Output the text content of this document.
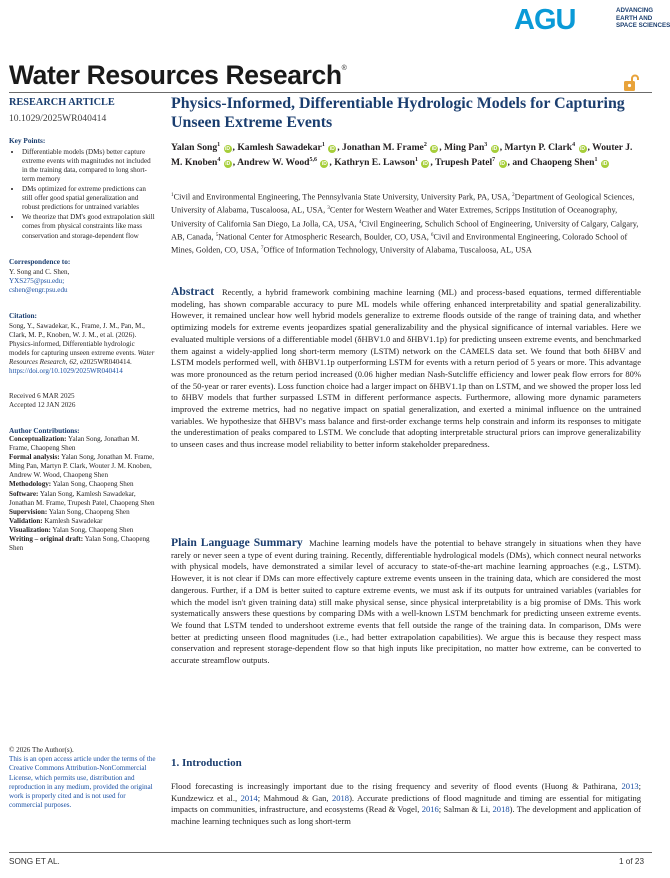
AGU	ADVANCING
EARTH AND
SPACE SCIENCES
Water Resources Research®
RESEARCH ARTICLE
10.1029/2025WR040414
Key Points:
• Differentiable models (DMs) better capture extreme events with magnitudes not included in the training data, compared to long short-term memory
• DMs optimized for extreme predictions can still offer good spatial generalization and robust predictions for untrained variables
• We theorize that DM's good extrapolation skill comes from physical constraints like mass conservation and storage-dependent flow
Correspondence to:
Y. Song and C. Shen,
YXS275@psu.edu;
cshen@engr.psu.edu
Citation:
Song, Y., Sawadekar, K., Frame, J. M., Pan, M., Clark, M. P., Knoben, W. J. M., et al. (2026). Physics-informed, Differentiable hydrologic models for capturing unseen extreme events. Water Resources Research, 62, e2025WR040414. https://doi.org/10.1029/2025WR040414
Received 6 MAR 2025
Accepted 12 JAN 2026
Author Contributions:
Conceptualization: Yalan Song, Jonathan M. Frame, Chaopeng Shen
Formal analysis: Yalan Song, Jonathan M. Frame, Ming Pan, Martyn P. Clark, Wouter J. M. Knoben, Andrew W. Wood, Chaopeng Shen
Methodology: Yalan Song, Chaopeng Shen
Software: Yalan Song, Kamlesh Sawadekar, Jonathan M. Frame, Trupesh Patel, Chaopeng Shen
Supervision: Yalan Song, Chaopeng Shen
Validation: Kamlesh Sawadekar
Visualization: Yalan Song, Chaopeng Shen
Writing – original draft: Yalan Song, Chaopeng Shen
© 2026 The Author(s).
This is an open access article under the terms of the Creative Commons Attribution-NonCommercial License, which permits use, distribution and reproduction in any medium, provided the original work is properly cited and is not used for commercial purposes.
Physics-Informed, Differentiable Hydrologic Models for Capturing Unseen Extreme Events
Yalan Song$^1$ iD , Kamlesh Sawadekar$^1$ iD , Jonathan M. Frame$^2$ iD , Ming Pan$^3$ iD , Martyn P. Clark$^4$ iD , Wouter J. M. Knoben$^4$ iD , Andrew W. Wood$^{5,6}$ iD , Kathryn E. Lawson$^1$ iD , Trupesh Patel$^7$ iD , and Chaopeng Shen$^1$ iD
$^1$Civil and Environmental Engineering, The Pennsylvania State University, University Park, PA, USA, $^2$Department of Geological Sciences, University of Alabama, Tuscaloosa, AL, USA, $^3$Center for Western Weather and Water Extremes, Scripps Institution of Oceanography, University of California San Diego, La Jolla, CA, USA, $^4$Civil Engineering, Schulich School of Engineering, University of Calgary, Calgary, AB, Canada, $^5$National Center for Atmospheric Research, Boulder, CO, USA, $^6$Civil and Environmental Engineering, Colorado School of Mines, Golden, CO, USA, $^7$Office of Information Technology, University of Alabama, Tuscaloosa, AL, USA
Abstract Recently, a hybrid framework combining machine learning (ML) and process-based equations, termed differentiable modeling, has shown comparable accuracy to pure ML models while offering enhanced interpretability and spatial generalizability. However, it remained unclear how well hybrid models generalize to extreme floods outside of the range of training data, and whether optimizing models for extreme events jeopardizes spatial generalizability and the physical significance of internal variables. Here we evaluated multiple versions of a differentiable model (δHBV1.0 and δHBV1.1p) for predicting unseen extreme events, and benchmarked them against a widely-applied long short-term memory (LSTM) network on the CAMELS data set. We found that both δHBV and LSTM models performed well, with δHBV1.1p outperforming LSTM for events with a return period of 5 years or more. This advantage was more pronounced as the return period increased (0.06 higher median Nash-Sutcliffe efficiency and lower peak flow errors for 80% of the 50-year or rarer events). Loss function choice had a larger impact on δHBV1.1p than on LSTM, and we showed the proper loss led to δHBV models that further surpassed LSTM in different performance aspects. Furthermore, allowing more dynamic parameters improved the extreme metrics, had no negative impact on spatial generalization, and exerted a minimal influence on the untrained variables. We hypothesize that δHBV's mass balance and first-order exchange terms help constrain and inform its responses to mitigate the underestimation of peaks compared to LSTM. We conclude that adopting interpretable structural priors can improve generalizability to unseen cases and thus increase model reliability to better inform stakeholder preparedness.
Plain Language Summary Machine learning models have the potential to behave strangely in situations when they have rarely or never seen a type of event during training. Recently, differentiable hydrological models (DMs), which connect neural networks with physical models, have demonstrated a similar level of accuracy to state-of-the-art machine learning approaches (e.g., LSTM). However, it is not clear if DMs can more effectively capture extreme events unseen in the training data, which are considered the most dangerous. Further, if a DM is better suited to capture extreme events, we must ask if its outputs for untrained variables (variables for which the model isn't given training data) still make physical sense, since physical interpretability is a big promise of DMs. This work systematically answers these questions by comparing DMs with a well-known LSTM benchmark for predicting unseen extreme events. We found that LSTM tended to undershoot extreme events that fell outside the range of the training data. In comparison, DMs were better at predicting unseen flood magnitudes (i.e., had better extrapolation capabilities). We argue this is because they respect mass conservation and represent storage-dependent flow so that high inputs like precipitation, no matter how extreme, can be converted to accurate streamflow outputs.
1. Introduction
Flood forecasting is increasingly important due to the rising frequency and severity of flood events (Huong & Pathirana, 2013; Kundzewicz et al., 2014; Mahmoud & Gan, 2018). Accurate predictions of flood magnitude and timing are essential for mitigating impacts on communities, infrastructure, and ecosystems (Read & Vogel, 2016; Salman & Li, 2018). The development and application of machine learning techniques such as long short-term
SONG ET AL.	1 of 23
